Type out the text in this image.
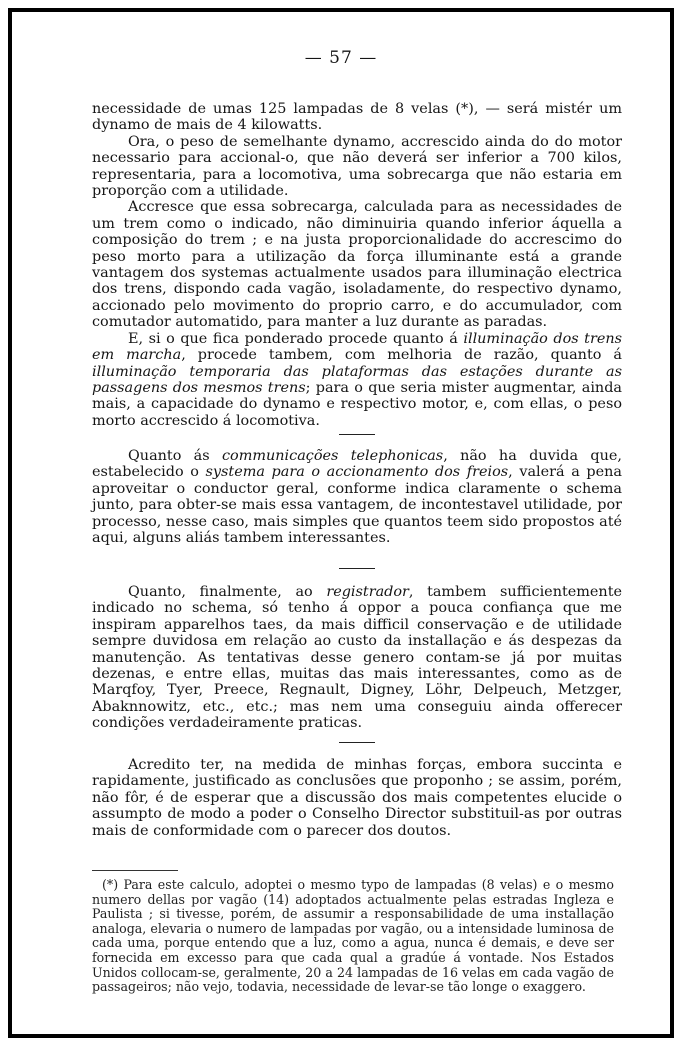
— 57 —

necessidade de umas 125 lampadas de 8 velas (*), — será mistér um dynamo de mais de 4 kilowatts.

Ora, o peso de semelhante dynamo, accrescido ainda do do motor necessario para accional-o, que não deverá ser inferior a 700 kilos, representaria, para a locomotiva, uma sobrecarga que não estaria em proporção com a utilidade.

Accresce que essa sobrecarga, calculada para as necessidades de um trem como o indicado, não diminuiria quando inferior áquella a composição do trem ; e na justa proporcionalidade do accrescimo do peso morto para a utilização da força illuminante está a grande vantagem dos systemas actualmente usados para illuminação electrica dos trens, dispondo cada vagão, isoladamente, do respectivo dynamo, accionado pelo movimento do proprio carro, e do accumulador, com comutador automatido, para manter a luz durante as paradas.

E, si o que fica ponderado procede quanto á illuminação dos trens em marcha, procede tambem, com melhoria de razão, quanto á illuminação temporaria das plataformas das estações durante as passagens dos mesmos trens; para o que seria mister augmentar, ainda mais, a capacidade do dynamo e respectivo motor, e, com ellas, o peso morto accrescido á locomotiva.

Quanto ás communicações telephonicas, não ha duvida que, estabelecido o systema para o accionamento dos freios, valerá a pena aproveitar o conductor geral, conforme indica claramente o schema junto, para obter-se mais essa vantagem, de incontestavel utilidade, por processo, nesse caso, mais simples que quantos teem sido propostos até aqui, alguns aliás tambem interessantes.

Quanto, finalmente, ao registrador, tambem sufficientemente indicado no schema, só tenho á oppor a pouca confiança que me inspiram apparelhos taes, da mais difficil conservação e de utilidade sempre duvidosa em relação ao custo da installação e ás despezas da manutenção. As tentativas desse genero contam-se já por muitas dezenas, e entre ellas, muitas das mais interessantes, como as de Marqfoy, Tyer, Preece, Regnault, Digney, Löhr, Delpeuch, Metzger, Abaknnowitz, etc., etc.; mas nem uma conseguiu ainda offerecer condições verdadeiramente praticas.

Acredito ter, na medida de minhas forças, embora succinta e rapidamente, justificado as conclusões que proponho ; se assim, porém, não fôr, é de esperar que a discussão dos mais competentes elucide o assumpto de modo a poder o Conselho Director substituil-as por outras mais de conformidade com o parecer dos doutos.

(*) Para este calculo, adoptei o mesmo typo de lampadas (8 velas) e o mesmo numero dellas por vagão (14) adoptados actualmente pelas estradas Ingleza e Paulista ; si tivesse, porém, de assumir a responsabilidade de uma installação analoga, elevaria o numero de lampadas por vagão, ou a intensidade luminosa de cada uma, porque entendo que a luz, como a agua, nunca é demais, e deve ser fornecida em excesso para que cada qual a gradúe á vontade. Nos Estados Unidos collocam-se, geralmente, 20 a 24 lampadas de 16 velas em cada vagão de passageiros; não vejo, todavia, necessidade de levar-se tão longe o exaggero.
